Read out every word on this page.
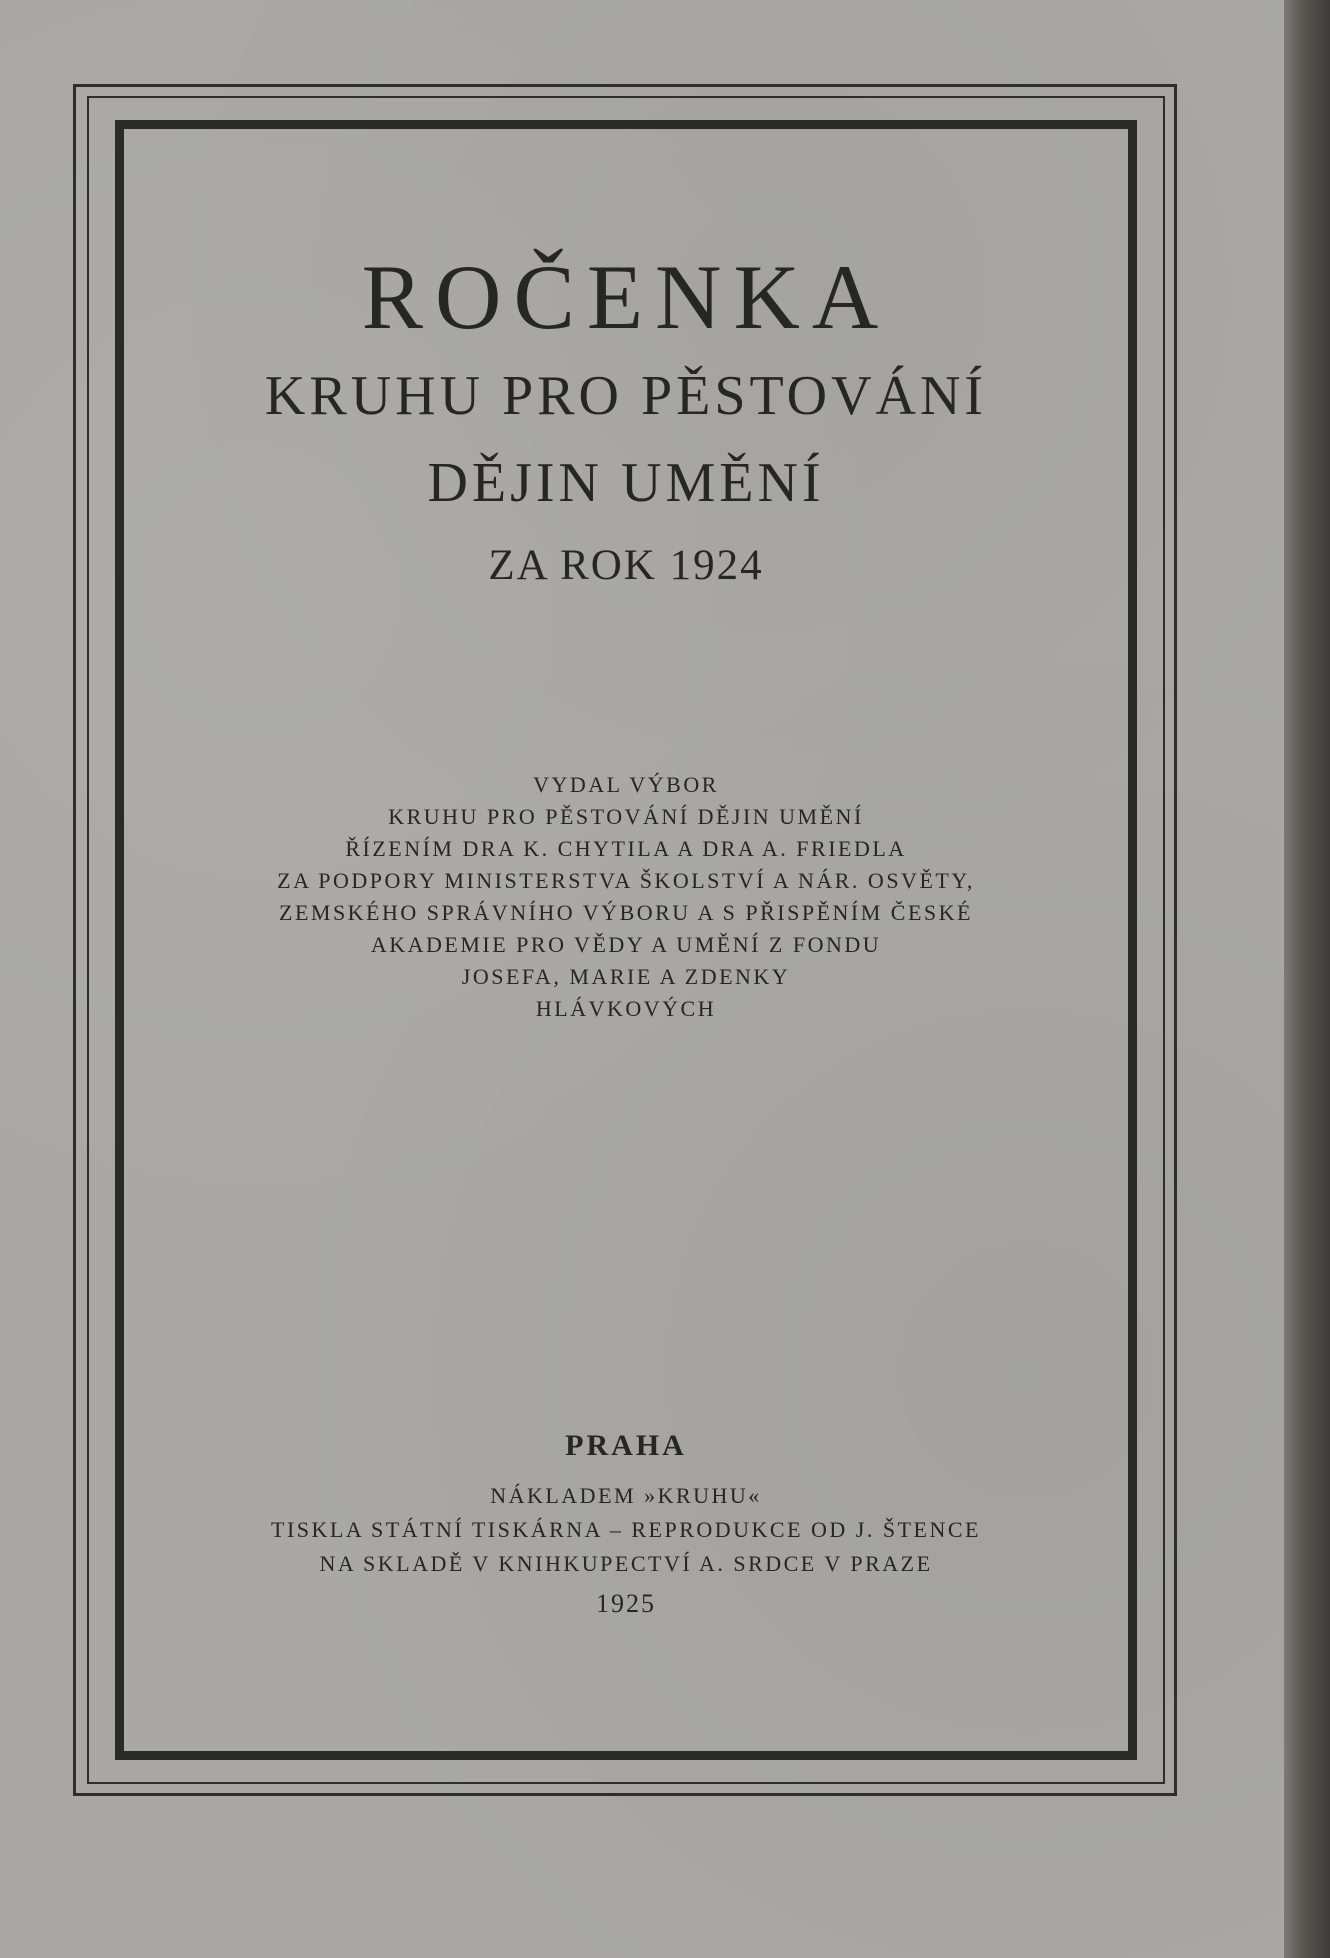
ROČENKA
KRUHU PRO PĚSTOVÁNÍ
DĚJIN UMĚNÍ
ZA ROK 1924
VYDAL VÝBOR
KRUHU PRO PĚSTOVÁNÍ DĚJIN UMĚNÍ
ŘÍZENÍM DRA K. CHYTILA A DRA A. FRIEDLA
ZA PODPORY MINISTERSTVA ŠKOLSTVÍ A NÁR. OSVĚTY,
ZEMSKÉHO SPRÁVNÍHO VÝBORU A S PŘISPĚNÍM ČESKÉ
AKADEMIE PRO VĚDY A UMĚNÍ Z FONDU
JOSEFA, MARIE A ZDENKY
HLÁVKOVÝCH
PRAHA
NÁKLADEM »KRUHU«
TISKLA STÁTNÍ TISKÁRNA – REPRODUKCE OD J. ŠTENCE
NA SKLADĚ V KNIHKUPECTVÍ A. SRDCE V PRAZE
1925
